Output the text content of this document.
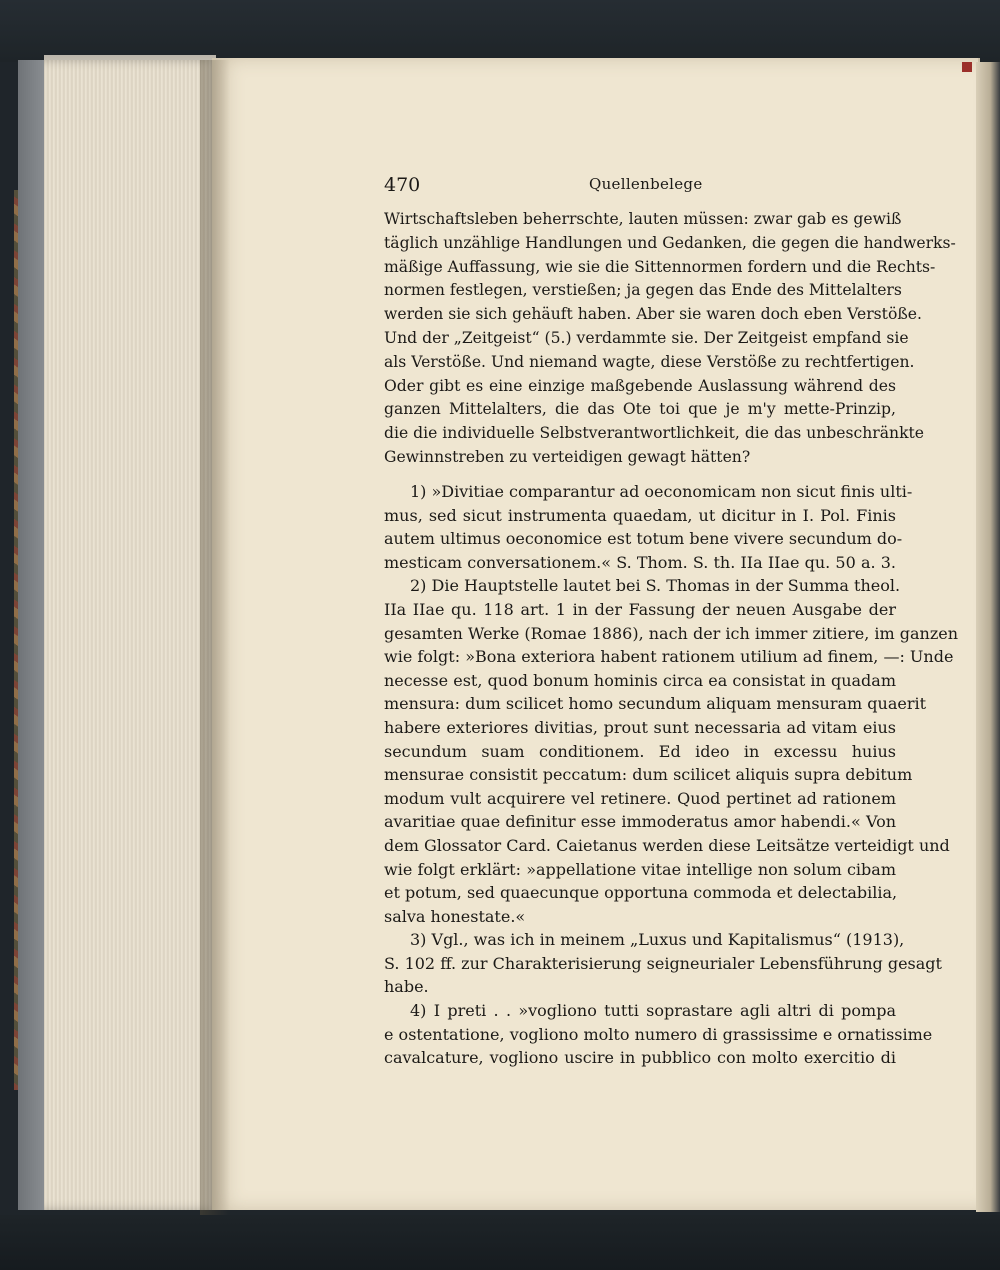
470	Quellenbelege
Wirtschaftsleben beherrschte, lauten müssen: zwar gab es gewiß
täglich unzählige Handlungen und Gedanken, die gegen die handwerks-
mäßige Auffassung, wie sie die Sittennormen fordern und die Rechts-
normen festlegen, verstießen; ja gegen das Ende des Mittelalters
werden sie sich gehäuft haben. Aber sie waren doch eben Verstöße.
Und der „Zeitgeist“ (5.) verdammte sie. Der Zeitgeist empfand sie
als Verstöße. Und niemand wagte, diese Verstöße zu rechtfertigen.
Oder gibt es eine einzige maßgebende Auslassung während des
ganzen Mittelalters, die das Ote toi que je m'y mette-Prinzip,
die die individuelle Selbstverantwortlichkeit, die das unbeschränkte
Gewinnstreben zu verteidigen gewagt hätten?
1) »Divitiae comparantur ad oeconomicam non sicut finis ulti-
mus, sed sicut instrumenta quaedam, ut dicitur in I. Pol. Finis
autem ultimus oeconomice est totum bene vivere secundum do-
mesticam conversationem.« S. Thom. S. th. IIa IIae qu. 50 a. 3.
2) Die Hauptstelle lautet bei S. Thomas in der Summa theol.
IIa IIae qu. 118 art. 1 in der Fassung der neuen Ausgabe der
gesamten Werke (Romae 1886), nach der ich immer zitiere, im ganzen
wie folgt: »Bona exteriora habent rationem utilium ad finem, —: Unde
necesse est, quod bonum hominis circa ea consistat in quadam
mensura: dum scilicet homo secundum aliquam mensuram quaerit
habere exteriores divitias, prout sunt necessaria ad vitam eius
secundum suam conditionem. Ed ideo in excessu huius
mensurae consistit peccatum: dum scilicet aliquis supra debitum
modum vult acquirere vel retinere. Quod pertinet ad rationem
avaritiae quae definitur esse immoderatus amor habendi.« Von
dem Glossator Card. Caietanus werden diese Leitsätze verteidigt und
wie folgt erklärt: »appellatione vitae intellige non solum cibam
et potum, sed quaecunque opportuna commoda et delectabilia,
salva honestate.«
3) Vgl., was ich in meinem „Luxus und Kapitalismus“ (1913),
S. 102 ff. zur Charakterisierung seigneurialer Lebensführung gesagt
habe.
4) I preti . . »vogliono tutti soprastare agli altri di pompa
e ostentatione, vogliono molto numero di grassissime e ornatissime
cavalcature, vogliono uscire in pubblico con molto exercitio di
